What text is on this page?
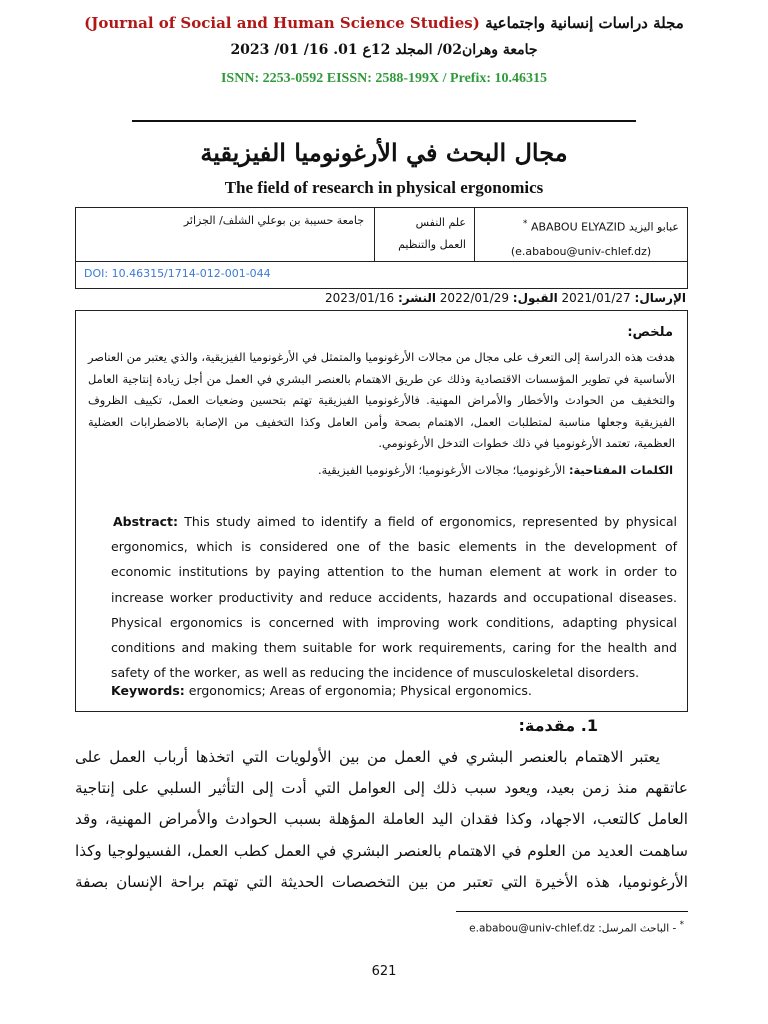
مجلة دراسات إنسانية واجتماعية (Journal of Social and Human Science Studies)
جامعة وهران02/ المجلد 12ع 01. 16/ 01/ 2023
ISNN: 2253-0592 EISSN: 2588-199X / Prefix: 10.46315
مجال البحث في الأرغونوميا الفيزيقية
The field of research in physical ergonomics
عبابو اليزيد ABABOU ELYAZID *
(e.ababou@univ-chlef.dz)
علم النفس
العمل والتنظيم
جامعة حسيبة بن بوعلي الشلف/ الجزائر
DOI: 10.46315/1714-012-001-044
الإرسال: 2021/01/27 القبول: 2022/01/29 النشر: 2023/01/16
ملخص:
هدفت هذه الدراسة إلى التعرف على مجال من مجالات الأرغونوميا والمتمثل في الأرغونوميا الفيزيقية، والذي يعتبر من العناصر الأساسية في تطوير المؤسسات الاقتصادية وذلك عن طريق الاهتمام بالعنصر البشري في العمل من أجل زيادة إنتاجية العامل والتخفيف من الحوادث والأخطار والأمراض المهنية. فالأرغونوميا الفيزيقية تهتم بتحسين وضعيات العمل، تكييف الظروف الفيزيقية وجعلها مناسبة لمتطلبات العمل، الاهتمام بصحة وأمن العامل وكذا التخفيف من الإصابة بالاضطرابات العضلية العظمية، تعتمد الأرغونوميا في ذلك خطوات التدخل الأرغونومي.
الكلمات المفتاحية: الأرغونوميا؛ مجالات الأرغونوميا؛ الأرغونوميا الفيزيقية.
Abstract: This study aimed to identify a field of ergonomics, represented by physical ergonomics, which is considered one of the basic elements in the development of economic institutions by paying attention to the human element at work in order to increase worker productivity and reduce accidents, hazards and occupational diseases. Physical ergonomics is concerned with improving work conditions, adapting physical conditions and making them suitable for work requirements, caring for the health and safety of the worker, as well as reducing the incidence of musculoskeletal disorders.
Keywords: ergonomics; Areas of ergonomia; Physical ergonomics.
1. مقدمة:
يعتبر الاهتمام بالعنصر البشري في العمل من بين الأولويات التي اتخذها أرباب العمل على عاتقهم منذ زمن بعيد، ويعود سبب ذلك إلى العوامل التي أدت إلى التأثير السلبي على إنتاجية العامل كالتعب، الاجهاد، وكذا فقدان اليد العاملة المؤهلة بسبب الحوادث والأمراض المهنية، وقد ساهمت العديد من العلوم في الاهتمام بالعنصر البشري في العمل كطب العمل، الفسيولوجيا وكذا الأرغونوميا، هذه الأخيرة التي تعتبر من بين التخصصات الحديثة التي تهتم براحة الإنسان بصفة
* - الباحث المرسل: e.ababou@univ-chlef.dz
621
